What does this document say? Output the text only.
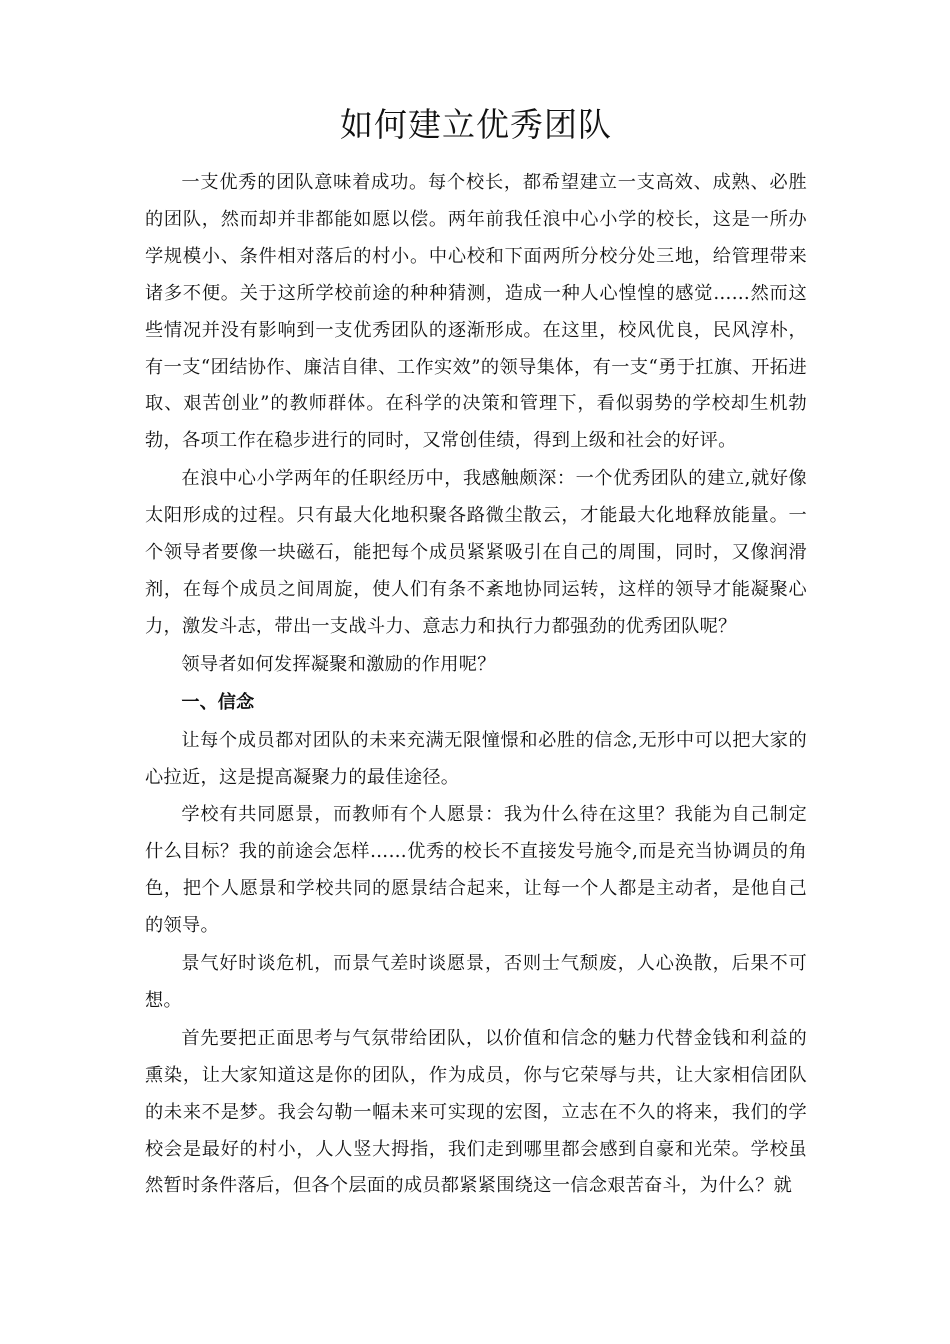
如何建立优秀团队

一支优秀的团队意味着成功。每个校长，都希望建立一支高效、成熟、必胜的团队，然而却并非都能如愿以偿。两年前我任浪中心小学的校长，这是一所办学规模小、条件相对落后的村小。中心校和下面两所分校分处三地，给管理带来诸多不便。关于这所学校前途的种种猜测，造成一种人心惶惶的感觉……然而这些情况并没有影响到一支优秀团队的逐渐形成。在这里，校风优良，民风淳朴，有一支“团结协作、廉洁自律、工作实效”的领导集体，有一支“勇于扛旗、开拓进取、艰苦创业”的教师群体。在科学的决策和管理下，看似弱势的学校却生机勃勃，各项工作在稳步进行的同时，又常创佳绩，得到上级和社会的好评。

在浪中心小学两年的任职经历中，我感触颇深：一个优秀团队的建立,就好像太阳形成的过程。只有最大化地积聚各路微尘散云，才能最大化地释放能量。一个领导者要像一块磁石，能把每个成员紧紧吸引在自己的周围，同时，又像润滑剂，在每个成员之间周旋，使人们有条不紊地协同运转，这样的领导才能凝聚心力，激发斗志，带出一支战斗力、意志力和执行力都强劲的优秀团队呢？

领导者如何发挥凝聚和激励的作用呢？

一、信念

让每个成员都对团队的未来充满无限憧憬和必胜的信念,无形中可以把大家的心拉近，这是提高凝聚力的最佳途径。

学校有共同愿景，而教师有个人愿景：我为什么待在这里？我能为自己制定什么目标？我的前途会怎样……优秀的校长不直接发号施令,而是充当协调员的角色，把个人愿景和学校共同的愿景结合起来，让每一个人都是主动者，是他自己的领导。

景气好时谈危机，而景气差时谈愿景，否则士气颓废，人心涣散，后果不可想。

首先要把正面思考与气氛带给团队，以价值和信念的魅力代替金钱和利益的熏染，让大家知道这是你的团队，作为成员，你与它荣辱与共，让大家相信团队的未来不是梦。我会勾勒一幅未来可实现的宏图，立志在不久的将来，我们的学校会是最好的村小，人人竖大拇指，我们走到哪里都会感到自豪和光荣。学校虽然暂时条件落后，但各个层面的成员都紧紧围绕这一信念艰苦奋斗，为什么？就
